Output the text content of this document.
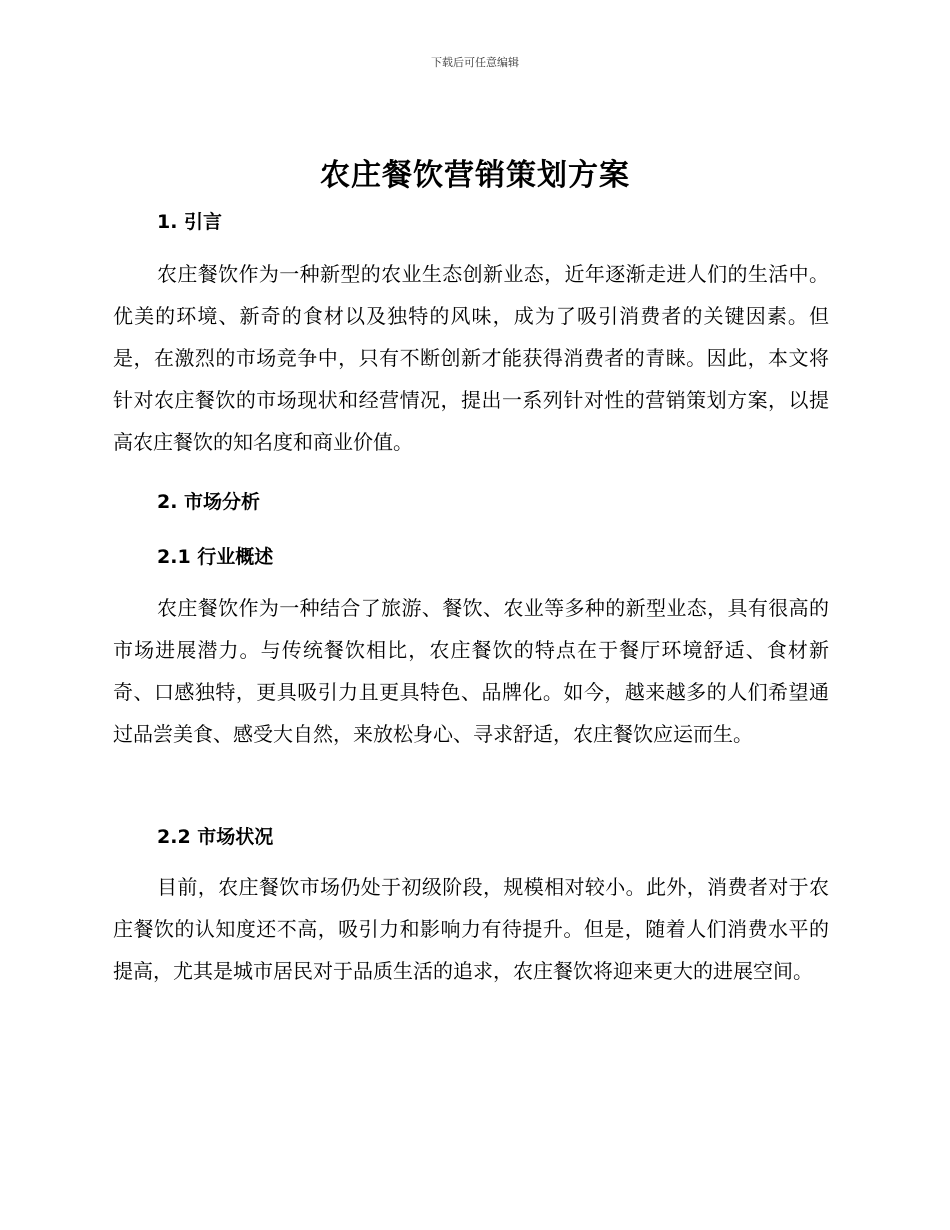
下载后可任意编辑
农庄餐饮营销策划方案
1. 引言
农庄餐饮作为一种新型的农业生态创新业态，近年逐渐走进人们的生活中。优美的环境、新奇的食材以及独特的风味，成为了吸引消费者的关键因素。但是，在激烈的市场竞争中，只有不断创新才能获得消费者的青睐。因此，本文将针对农庄餐饮的市场现状和经营情况，提出一系列针对性的营销策划方案，以提高农庄餐饮的知名度和商业价值。
2. 市场分析
2.1 行业概述
农庄餐饮作为一种结合了旅游、餐饮、农业等多种的新型业态，具有很高的市场进展潜力。与传统餐饮相比，农庄餐饮的特点在于餐厅环境舒适、食材新奇、口感独特，更具吸引力且更具特色、品牌化。如今，越来越多的人们希望通过品尝美食、感受大自然，来放松身心、寻求舒适，农庄餐饮应运而生。
2.2 市场状况
目前，农庄餐饮市场仍处于初级阶段，规模相对较小。此外，消费者对于农庄餐饮的认知度还不高，吸引力和影响力有待提升。但是，随着人们消费水平的提高，尤其是城市居民对于品质生活的追求，农庄餐饮将迎来更大的进展空间。
